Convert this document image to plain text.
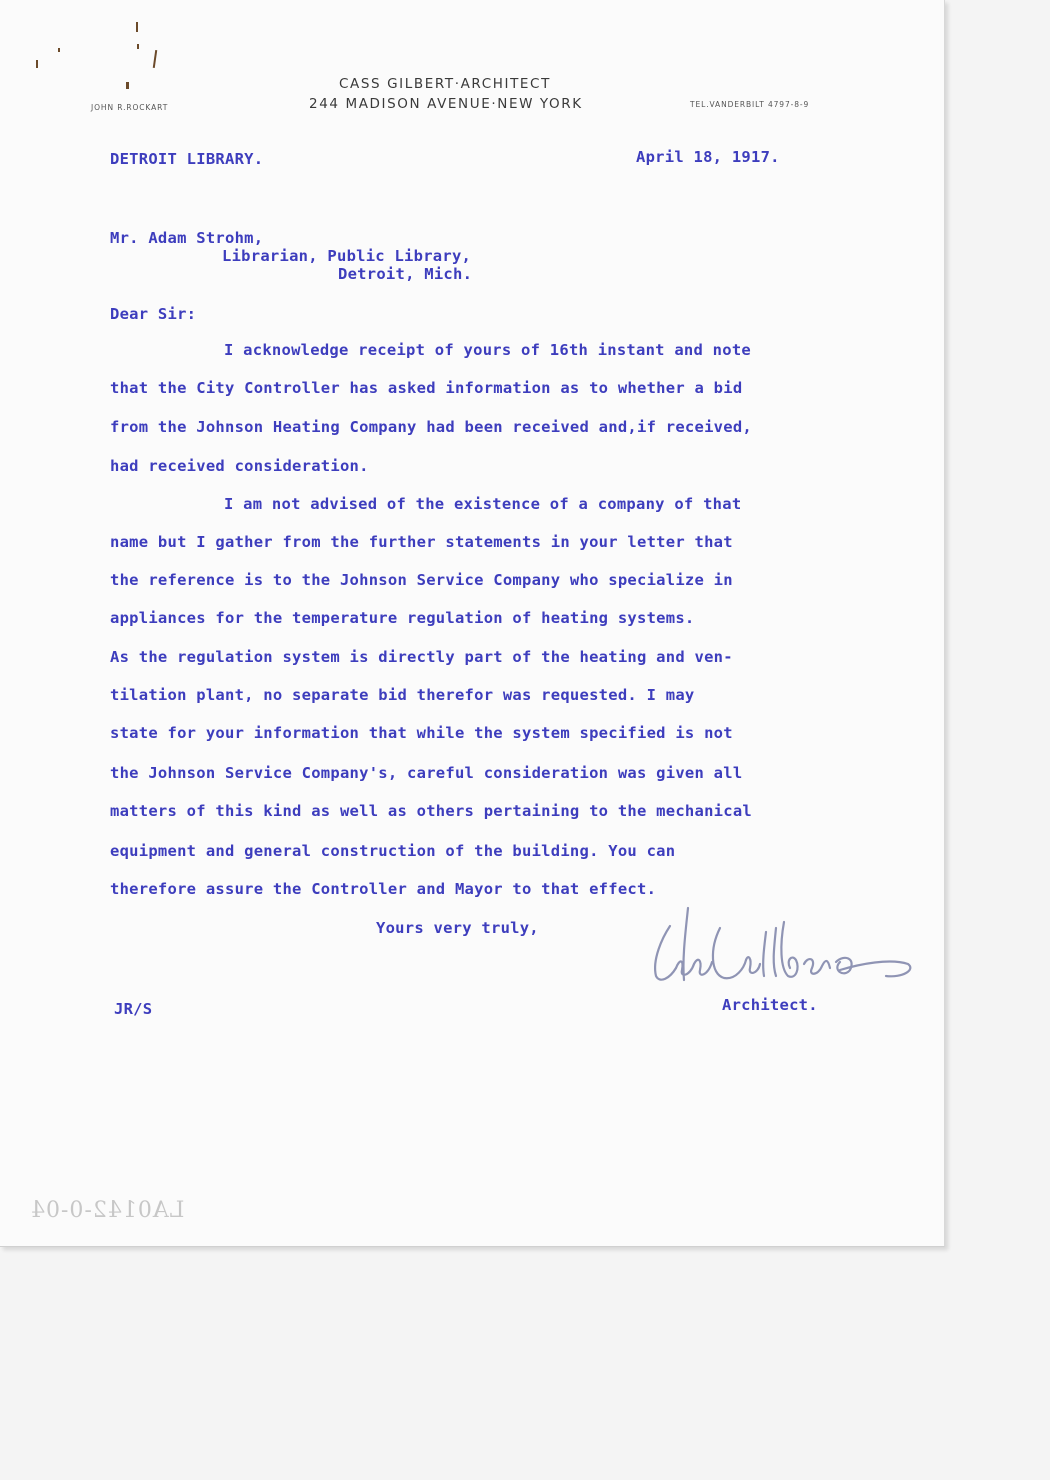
CASS GILBERT·ARCHITECT
244 MADISON AVENUE·NEW YORK
JOHN R.ROCKART	TEL.VANDERBILT 4797-8-9
DETROIT LIBRARY.	April 18, 1917.
Mr. Adam Strohm,
Librarian, Public Library,
Detroit, Mich.
Dear Sir:
I acknowledge receipt of yours of 16th instant and note
that the City Controller has asked information as to whether a bid
from the Johnson Heating Company had been received and,if received,
had received consideration.
I am not advised of the existence of a company of that
name but I gather from the further statements in your letter that
the reference is to the Johnson Service Company who specialize in
appliances for the temperature regulation of heating systems.
As the regulation system is directly part of the heating and ven-
tilation plant, no separate bid therefor was requested. I may
state for your information that while the system specified is not
the Johnson Service Company's, careful consideration was given all
matters of this kind as well as others pertaining to the mechanical
equipment and general construction of the building. You can
therefore assure the Controller and Mayor to that effect.
Yours very truly,
Architect.
JR/S
LA0142-0-04
